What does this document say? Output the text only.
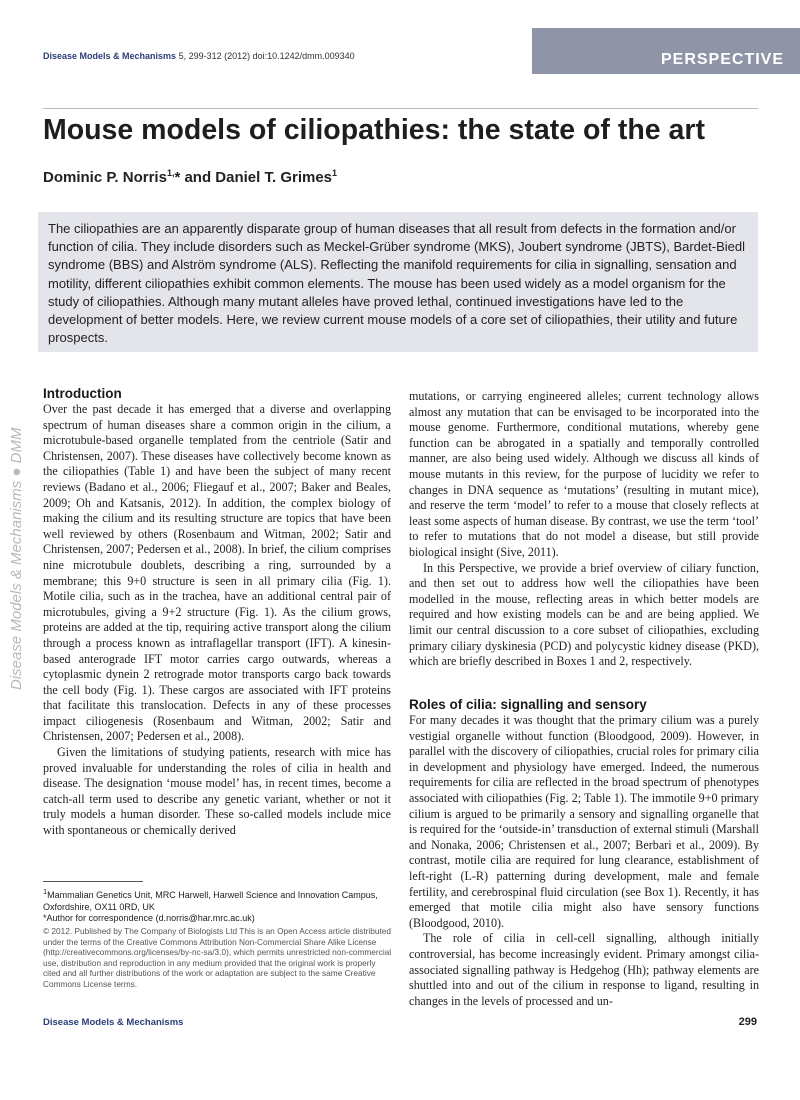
Disease Models & Mechanisms 5, 299-312 (2012) doi:10.1242/dmm.009340	PERSPECTIVE
Mouse models of ciliopathies: the state of the art
Dominic P. Norris$^{1,}$* and Daniel T. Grimes$^1$
The ciliopathies are an apparently disparate group of human diseases that all result from defects in the formation and/or function of cilia. They include disorders such as Meckel-Grüber syndrome (MKS), Joubert syndrome (JBTS), Bardet-Biedl syndrome (BBS) and Alström syndrome (ALS). Reflecting the manifold requirements for cilia in signalling, sensation and motility, different ciliopathies exhibit common elements. The mouse has been used widely as a model organism for the study of ciliopathies. Although many mutant alleles have proved lethal, continued investigations have led to the development of better models. Here, we review current mouse models of a core set of ciliopathies, their utility and future prospects.
Disease Models & Mechanisms ● DMM
Introduction

Over the past decade it has emerged that a diverse and overlapping spectrum of human diseases share a common origin in the cilium, a microtubule-based organelle templated from the centriole (Satir and Christensen, 2007). These diseases have collectively become known as the ciliopathies (Table 1) and have been the subject of many recent reviews (Badano et al., 2006; Fliegauf et al., 2007; Baker and Beales, 2009; Oh and Katsanis, 2012). In addition, the complex biology of making the cilium and its resulting structure are topics that have been well reviewed by others (Rosenbaum and Witman, 2002; Satir and Christensen, 2007; Pedersen et al., 2008). In brief, the cilium comprises nine microtubule doublets, describing a ring, surrounded by a membrane; this 9+0 structure is seen in all primary cilia (Fig. 1). Motile cilia, such as in the trachea, have an additional central pair of microtubules, giving a 9+2 structure (Fig. 1). As the cilium grows, proteins are added at the tip, requiring active transport along the cilium through a process known as intraflagellar transport (IFT). A kinesin-based anterograde IFT motor carries cargo outwards, whereas a cytoplasmic dynein 2 retrograde motor transports cargo back towards the cell body (Fig. 1). These cargos are associated with IFT proteins that facilitate this translocation. Defects in any of these processes impact ciliogenesis (Rosenbaum and Witman, 2002; Satir and Christensen, 2007; Pedersen et al., 2008).

Given the limitations of studying patients, research with mice has proved invaluable for understanding the roles of cilia in health and disease. The designation ‘mouse model’ has, in recent times, become a catch-all term used to describe any genetic variant, whether or not it truly models a human disorder. These so-called models include mice with spontaneous or chemically derived

mutations, or carrying engineered alleles; current technology allows almost any mutation that can be envisaged to be incorporated into the mouse genome. Furthermore, conditional mutations, whereby gene function can be abrogated in a spatially and temporally controlled manner, are also being used widely. Although we discuss all kinds of mouse mutants in this review, for the purpose of lucidity we refer to changes in DNA sequence as ‘mutations’ (resulting in mutant mice), and reserve the term ‘model’ to refer to a mouse that closely reflects at least some aspects of human disease. By contrast, we use the term ‘tool’ to refer to mutations that do not model a disease, but still provide biological insight (Sive, 2011).

In this Perspective, we provide a brief overview of ciliary function, and then set out to address how well the ciliopathies have been modelled in the mouse, reflecting areas in which better models are required and how existing models can be and are being applied. We limit our central discussion to a core subset of ciliopathies, excluding primary ciliary dyskinesia (PCD) and polycystic kidney disease (PKD), which are briefly described in Boxes 1 and 2, respectively.

Roles of cilia: signalling and sensory

For many decades it was thought that the primary cilium was a purely vestigial organelle without function (Bloodgood, 2009). However, in parallel with the discovery of ciliopathies, crucial roles for primary cilia in development and physiology have emerged. Indeed, the numerous requirements for cilia are reflected in the broad spectrum of phenotypes associated with ciliopathies (Fig. 2; Table 1). The immotile 9+0 primary cilium is argued to be primarily a sensory and signalling organelle that is required for the ‘outside-in’ transduction of external stimuli (Marshall and Nonaka, 2006; Christensen et al., 2007; Berbari et al., 2009). By contrast, motile cilia are required for lung clearance, establishment of left-right (L-R) patterning during development, male and female fertility, and cerebrospinal fluid circulation (see Box 1). Recently, it has emerged that motile cilia might also have sensory functions (Bloodgood, 2010).

The role of cilia in cell-cell signalling, although initially controversial, has become increasingly evident. Primary amongst cilia-associated signalling pathway is Hedgehog (Hh); pathway elements are shuttled into and out of the cilium in response to ligand, resulting in changes in the levels of processed and un-

$^1$Mammalian Genetics Unit, MRC Harwell, Harwell Science and Innovation Campus, Oxfordshire, OX11 0RD, UK
*Author for correspondence (d.norris@har.mrc.ac.uk)
© 2012. Published by The Company of Biologists Ltd This is an Open Access article distributed under the terms of the Creative Commons Attribution Non-Commercial Share Alike License (http://creativecommons.org/licenses/by-nc-sa/3.0), which permits unrestricted non-commercial use, distribution and reproduction in any medium provided that the original work is properly cited and all further distributions of the work or adaptation are subject to the same Creative Commons License terms.
Disease Models & Mechanisms	299
